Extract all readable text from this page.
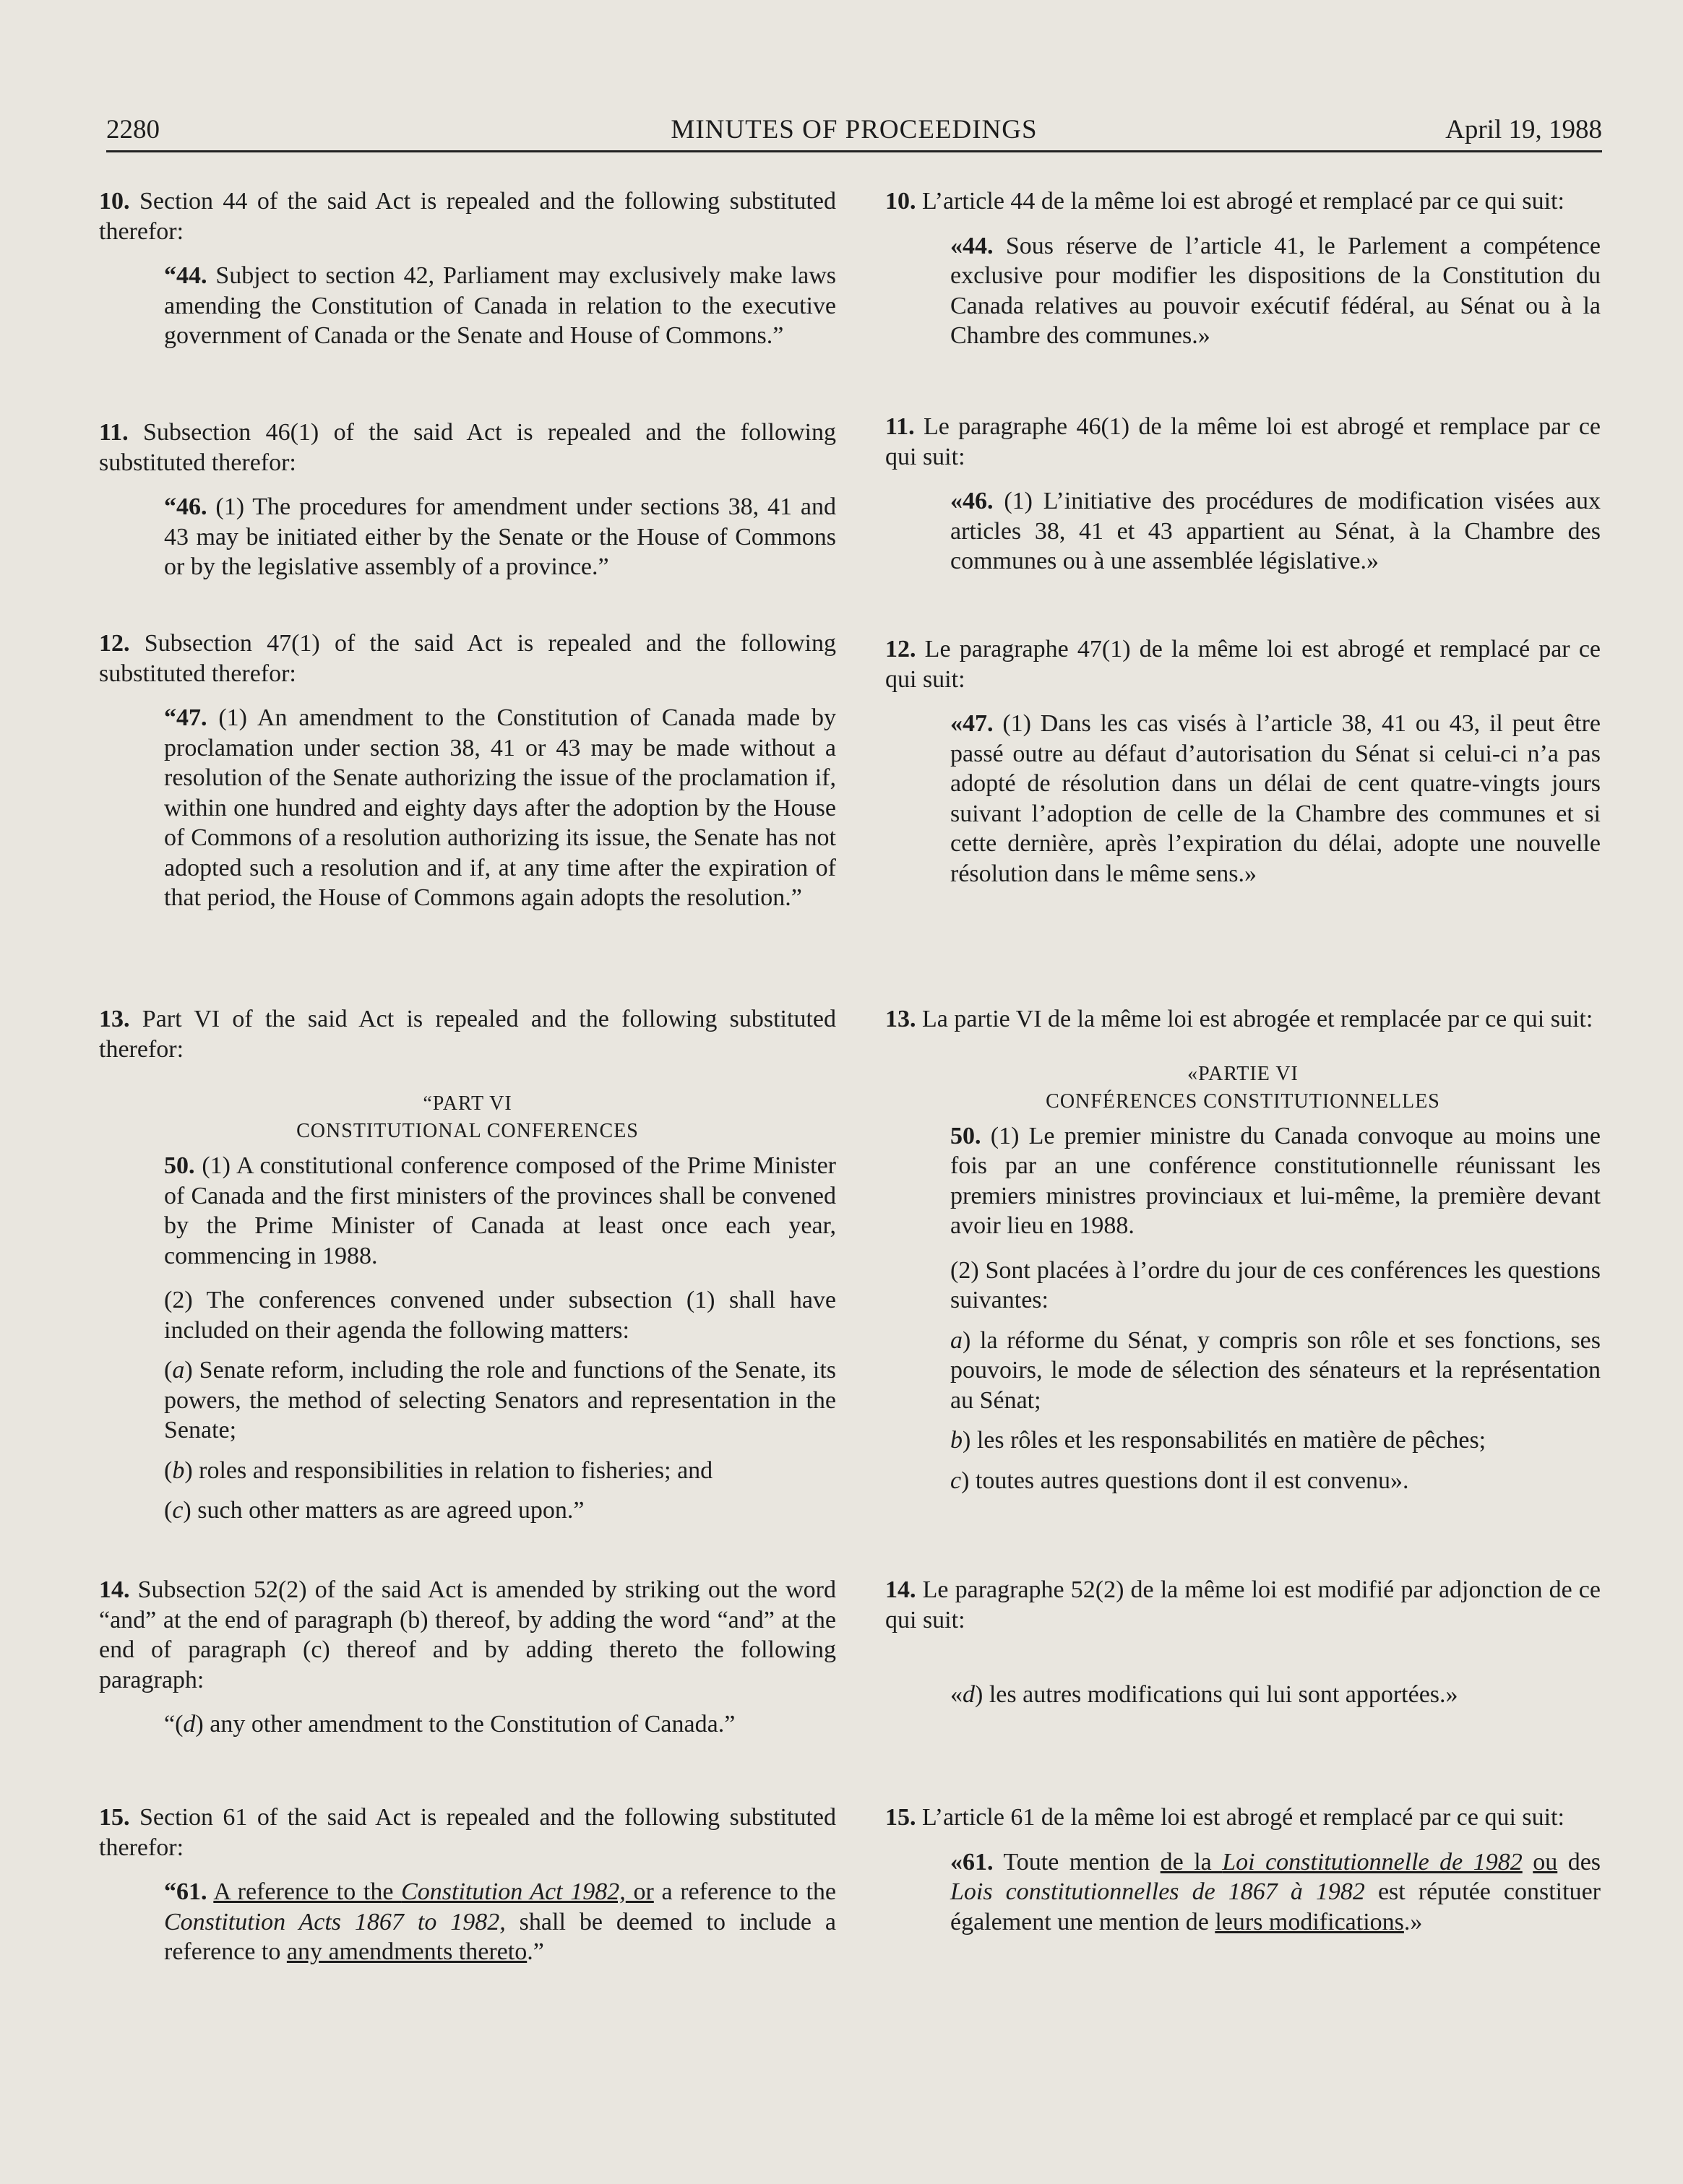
2280	MINUTES OF PROCEEDINGS	April 19, 1988

10. Section 44 of the said Act is repealed and the following substituted therefor:

“44. Subject to section 42, Parliament may exclusively make laws amending the Constitution of Canada in relation to the executive government of Canada or the Senate and House of Commons.”

11. Subsection 46(1) of the said Act is repealed and the following substituted therefor:

“46. (1) The procedures for amendment under sections 38, 41 and 43 may be initiated either by the Senate or the House of Commons or by the legislative assembly of a province.”

12. Subsection 47(1) of the said Act is repealed and the following substituted therefor:

“47. (1) An amendment to the Constitution of Canada made by proclamation under section 38, 41 or 43 may be made without a resolution of the Senate authorizing the issue of the proclamation if, within one hundred and eighty days after the adoption by the House of Commons of a resolution authorizing its issue, the Senate has not adopted such a resolution and if, at any time after the expiration of that period, the House of Commons again adopts the resolution.”

13. Part VI of the said Act is repealed and the following substituted therefor:

“PART VI

CONSTITUTIONAL CONFERENCES

50. (1) A constitutional conference composed of the Prime Minister of Canada and the first ministers of the provinces shall be convened by the Prime Minister of Canada at least once each year, commencing in 1988.

(2) The conferences convened under subsection (1) shall have included on their agenda the following matters:

(a) Senate reform, including the role and functions of the Senate, its powers, the method of selecting Senators and representation in the Senate;

(b) roles and responsibilities in relation to fisheries; and

(c) such other matters as are agreed upon.”

14. Subsection 52(2) of the said Act is amended by striking out the word “and” at the end of paragraph (b) thereof, by adding the word “and” at the end of paragraph (c) thereof and by adding thereto the following paragraph:

“(d) any other amendment to the Constitution of Canada.”

15. Section 61 of the said Act is repealed and the following substituted therefor:

“61. A reference to the Constitution Act 1982, or a reference to the Constitution Acts 1867 to 1982, shall be deemed to include a reference to any amendments thereto.”

10. L’article 44 de la même loi est abrogé et remplacé par ce qui suit:

«44. Sous réserve de l’article 41, le Parlement a compétence exclusive pour modifier les dispositions de la Constitution du Canada relatives au pouvoir exécutif fédéral, au Sénat ou à la Chambre des communes.»

11. Le paragraphe 46(1) de la même loi est abrogé et remplace par ce qui suit:

«46. (1) L’initiative des procédures de modification visées aux articles 38, 41 et 43 appartient au Sénat, à la Chambre des communes ou à une assemblée législative.»

12. Le paragraphe 47(1) de la même loi est abrogé et remplacé par ce qui suit:

«47. (1) Dans les cas visés à l’article 38, 41 ou 43, il peut être passé outre au défaut d’autorisation du Sénat si celui-ci n’a pas adopté de résolution dans un délai de cent quatre-vingts jours suivant l’adoption de celle de la Chambre des communes et si cette dernière, après l’expiration du délai, adopte une nouvelle résolution dans le même sens.»

13. La partie VI de la même loi est abrogée et remplacée par ce qui suit:

«PARTIE VI

CONFÉRENCES CONSTITUTIONNELLES

50. (1) Le premier ministre du Canada convoque au moins une fois par an une conférence constitutionnelle réunissant les premiers ministres provinciaux et lui-même, la première devant avoir lieu en 1988.

(2) Sont placées à l’ordre du jour de ces conférences les questions suivantes:

a) la réforme du Sénat, y compris son rôle et ses fonctions, ses pouvoirs, le mode de sélection des sénateurs et la représentation au Sénat;

b) les rôles et les responsabilités en matière de pêches;

c) toutes autres questions dont il est convenu».

14. Le paragraphe 52(2) de la même loi est modifié par adjonction de ce qui suit:

«d) les autres modifications qui lui sont apportées.»

15. L’article 61 de la même loi est abrogé et remplacé par ce qui suit:

«61. Toute mention de la Loi constitutionnelle de 1982 ou des Lois constitutionnelles de 1867 à 1982 est réputée constituer également une mention de leurs modifications.»
